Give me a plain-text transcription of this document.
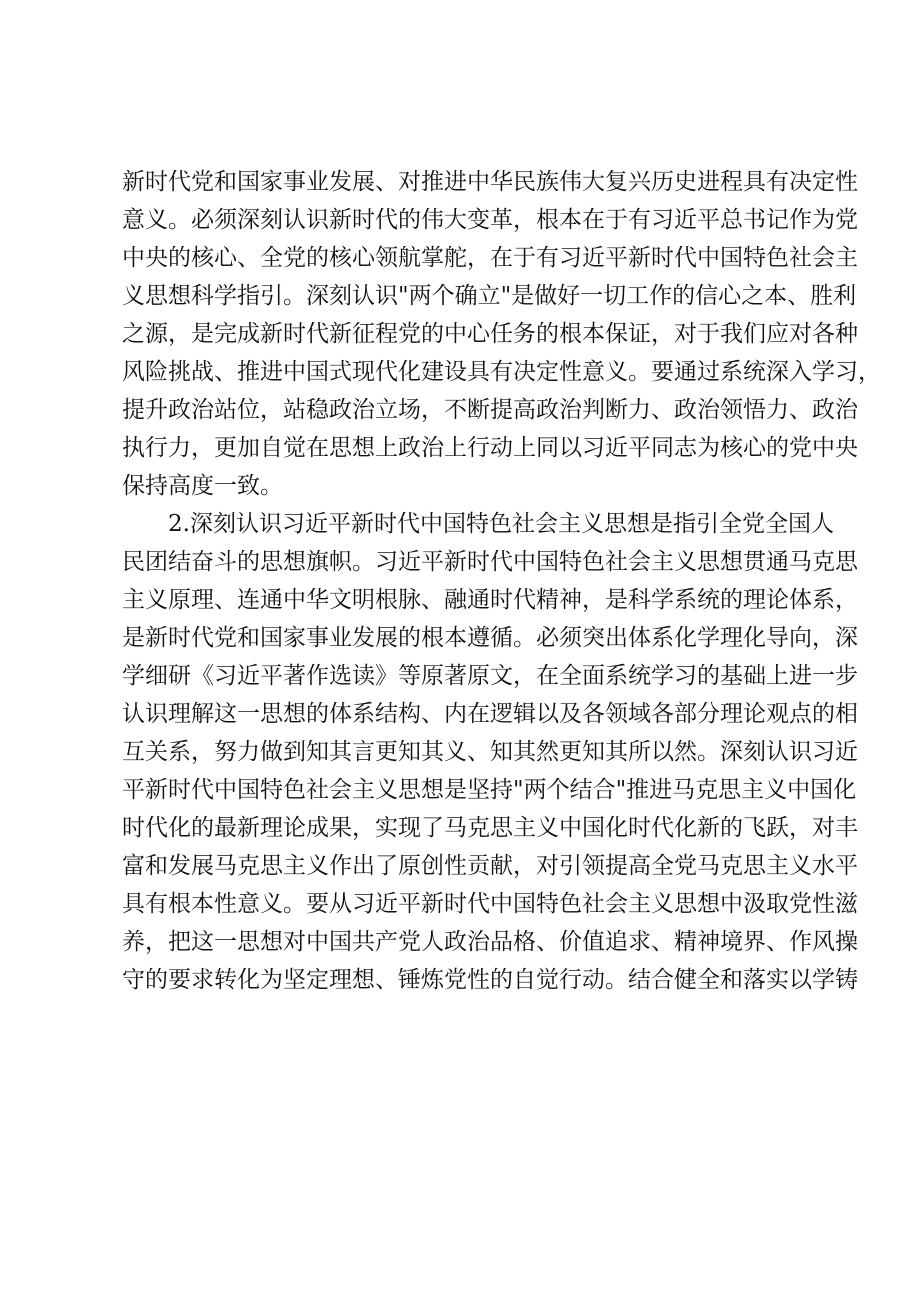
新时代党和国家事业发展、对推进中华民族伟大复兴历史进程具有决定性
意义。必须深刻认识新时代的伟大变革，根本在于有习近平总书记作为党
中央的核心、全党的核心领航掌舵，在于有习近平新时代中国特色社会主
义思想科学指引。深刻认识"两个确立"是做好一切工作的信心之本、胜利
之源，是完成新时代新征程党的中心任务的根本保证，对于我们应对各种
风险挑战、推进中国式现代化建设具有决定性意义。要通过系统深入学习，
提升政治站位，站稳政治立场，不断提高政治判断力、政治领悟力、政治
执行力，更加自觉在思想上政治上行动上同以习近平同志为核心的党中央
保持高度一致。
2.深刻认识习近平新时代中国特色社会主义思想是指引全党全国人
民团结奋斗的思想旗帜。习近平新时代中国特色社会主义思想贯通马克思
主义原理、连通中华文明根脉、融通时代精神，是科学系统的理论体系，
是新时代党和国家事业发展的根本遵循。必须突出体系化学理化导向，深
学细研《习近平著作选读》等原著原文，在全面系统学习的基础上进一步
认识理解这一思想的体系结构、内在逻辑以及各领域各部分理论观点的相
互关系，努力做到知其言更知其义、知其然更知其所以然。深刻认识习近
平新时代中国特色社会主义思想是坚持"两个结合"推进马克思主义中国化
时代化的最新理论成果，实现了马克思主义中国化时代化新的飞跃，对丰
富和发展马克思主义作出了原创性贡献，对引领提高全党马克思主义水平
具有根本性意义。要从习近平新时代中国特色社会主义思想中汲取党性滋
养，把这一思想对中国共产党人政治品格、价值追求、精神境界、作风操
守的要求转化为坚定理想、锤炼党性的自觉行动。结合健全和落实以学铸
